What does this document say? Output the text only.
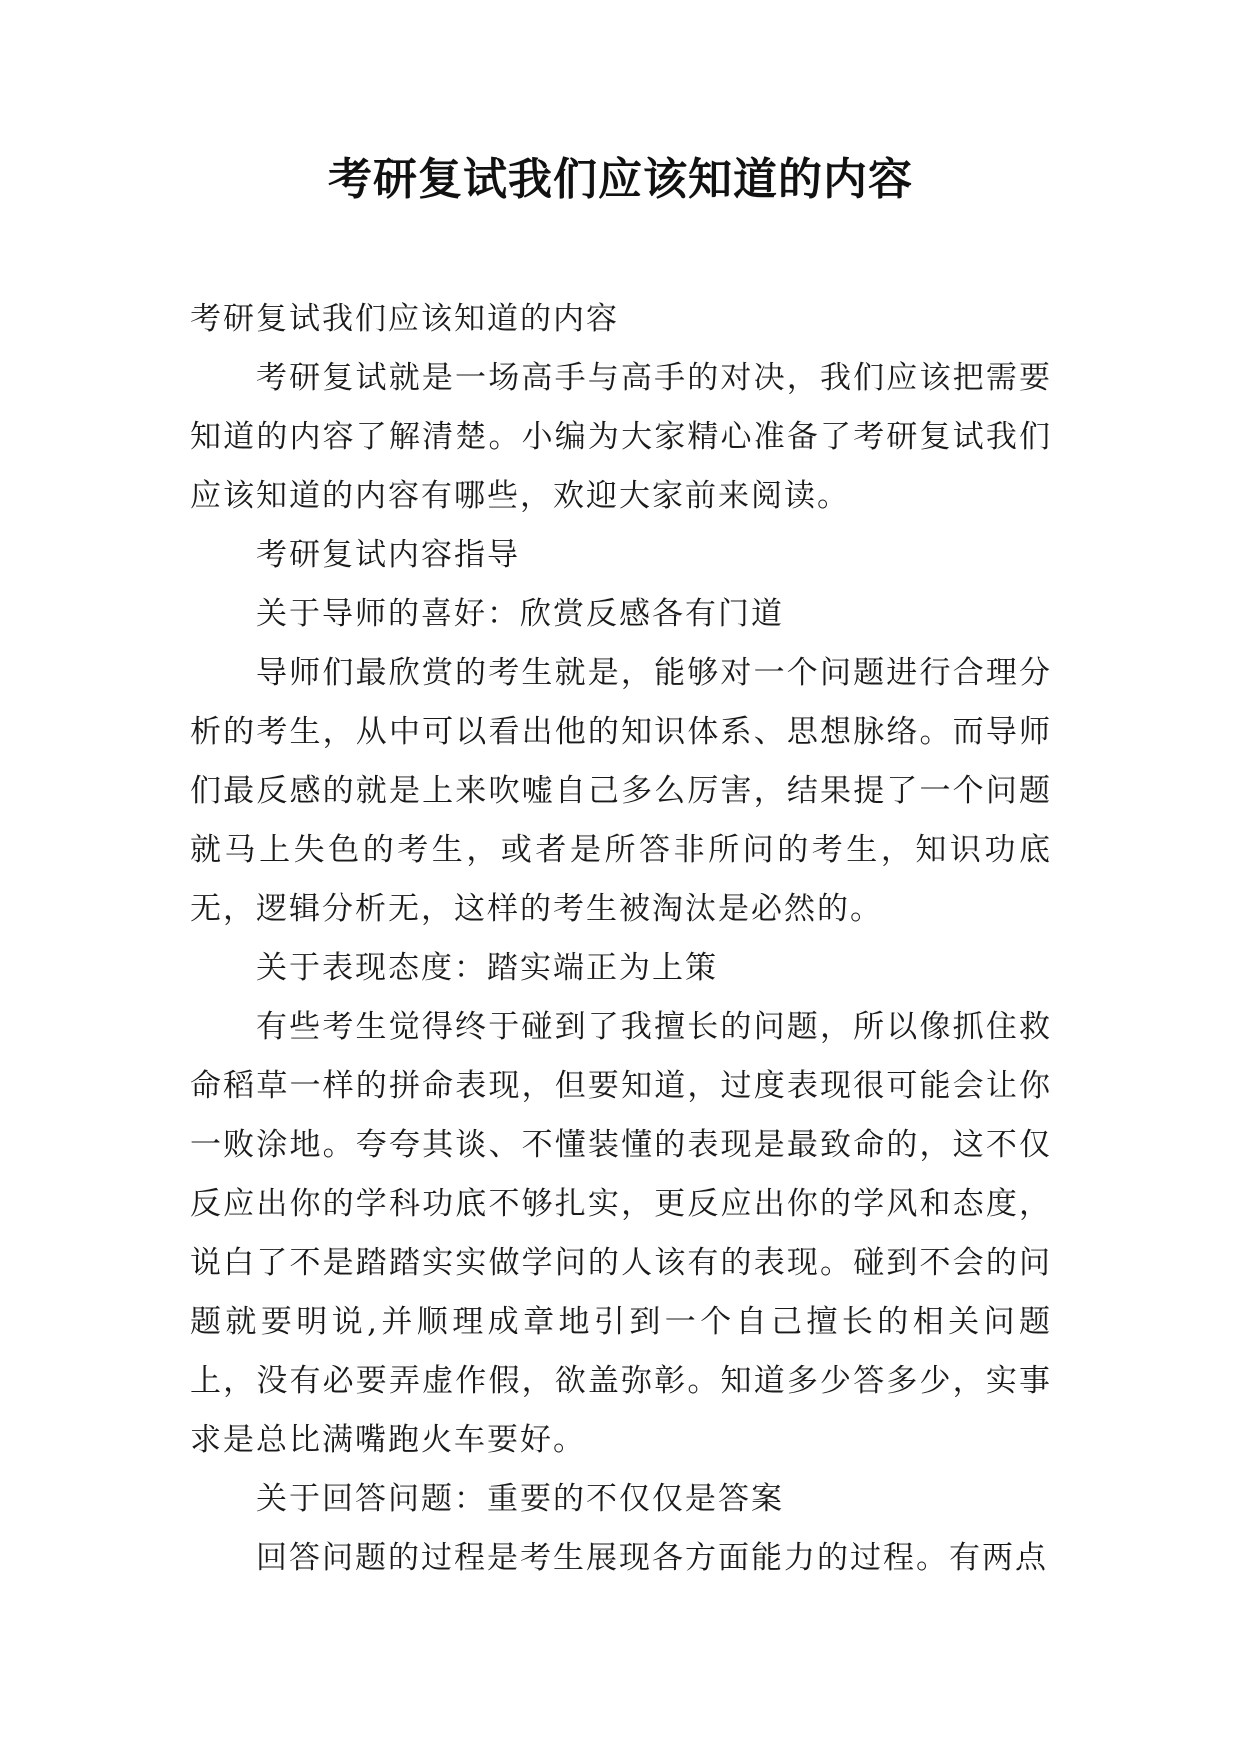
考研复试我们应该知道的内容

考研复试我们应该知道的内容

考研复试就是一场高手与高手的对决，我们应该把需要知道的内容了解清楚。小编为大家精心准备了考研复试我们应该知道的内容有哪些，欢迎大家前来阅读。

考研复试内容指导

关于导师的喜好：欣赏反感各有门道

导师们最欣赏的考生就是，能够对一个问题进行合理分析的考生，从中可以看出他的知识体系、思想脉络。而导师们最反感的就是上来吹嘘自己多么厉害，结果提了一个问题就马上失色的考生，或者是所答非所问的考生，知识功底无，逻辑分析无，这样的考生被淘汰是必然的。

关于表现态度：踏实端正为上策

有些考生觉得终于碰到了我擅长的问题，所以像抓住救命稻草一样的拼命表现，但要知道，过度表现很可能会让你一败涂地。夸夸其谈、不懂装懂的表现是最致命的，这不仅反应出你的学科功底不够扎实，更反应出你的学风和态度，说白了不是踏踏实实做学问的人该有的表现。碰到不会的问题就要明说,并顺理成章地引到一个自己擅长的相关问题上，没有必要弄虚作假，欲盖弥彰。知道多少答多少，实事求是总比满嘴跑火车要好。

关于回答问题：重要的不仅仅是答案

回答问题的过程是考生展现各方面能力的过程。有两点
